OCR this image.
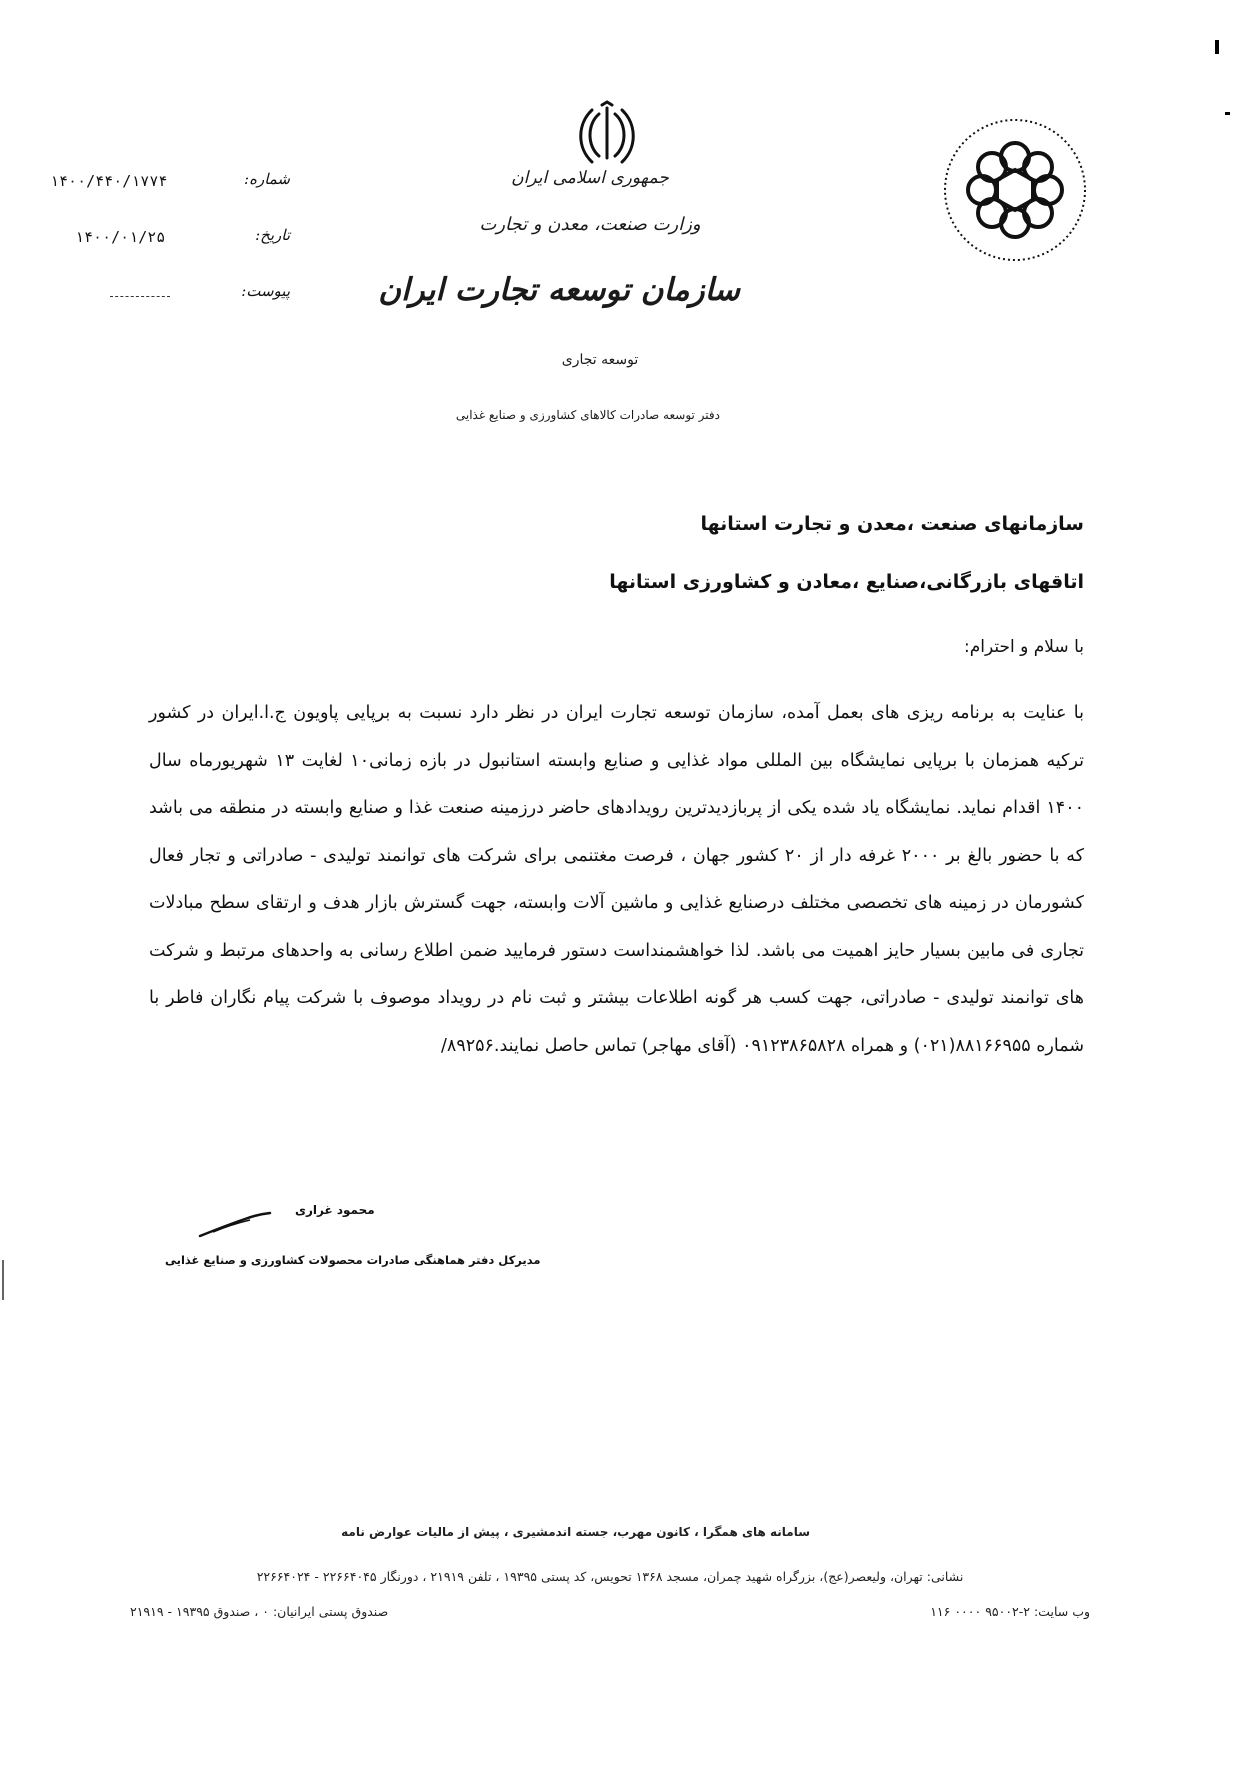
جمهوری اسلامی ایران
وزارت صنعت، معدن و تجارت
سازمان توسعه تجارت ایران
توسعه تجاری
دفتر توسعه صادرات کالاهای کشاورزی و صنایع غذایی
شماره:
۱۴۰۰/۴۴۰/۱۷۷۴
تاریخ:
۱۴۰۰/۰۱/۲۵
پیوست:
سازمانهای صنعت ،معدن و تجارت استانها
اتاقهای بازرگانی،صنایع ،معادن و کشاورزی استانها
با سلام و احترام:
با عنایت به برنامه ریزی های بعمل آمده، سازمان توسعه تجارت ایران در نظر دارد نسبت به برپایی پاویون ج.ا.ایران در کشور ترکیه همزمان با برپایی نمایشگاه بین المللی مواد غذایی و صنایع وابسته استانبول در بازه زمانی۱۰ لغایت ۱۳ شهریورماه سال ۱۴۰۰ اقدام نماید. نمایشگاه یاد شده یکی از پربازدیدترین رویدادهای حاضر درزمینه صنعت غذا و صنایع وابسته در منطقه می باشد که با حضور بالغ بر ۲۰۰۰ غرفه دار از ۲۰ کشور جهان ، فرصت مغتنمی برای شرکت های توانمند تولیدی - صادراتی و تجار فعال کشورمان در زمینه های تخصصی مختلف درصنایع غذایی و ماشین آلات وابسته، جهت گسترش بازار هدف و ارتقای سطح مبادلات تجاری فی مابین بسیار حایز اهمیت می باشد. لذا خواهشمنداست دستور فرمایید ضمن اطلاع رسانی به واحدهای مرتبط و شرکت های توانمند تولیدی - صادراتی، جهت کسب هر گونه اطلاعات بیشتر و ثبت نام در رویداد موصوف با شرکت پیام نگاران فاطر با شماره ۸۸۱۶۶۹۵۵(۰۲۱) و همراه ۰۹۱۲۳۸۶۵۸۲۸ (آقای مهاجر) تماس حاصل نمایند.۸۹۲۵۶/
محمود غراری
مدیرکل دفتر هماهنگی صادرات محصولات کشاورزی و صنایع غذایی
سامانه های همگرا ، کانون مهرب، جسته اندمشیری ، پیش از مالیات عوارض نامه
نشانی: تهران، ولیعصر(عج)، بزرگراه شهید چمران، مسجد ۱۳۶۸ تحویس، کد پستی ۱۹۳۹۵ ، تلفن ۲۱۹۱۹ ، دورنگار ۲۲۶۶۴۰۴۵ - ۲۲۶۶۴۰۲۴
وب سایت: ۲-۹۵۰۰۲ ۰۰۰۰ ۱۱۶
صندوق پستی ایرانیان: ۰ ، صندوق ۱۹۳۹۵ - ۲۱۹۱۹
